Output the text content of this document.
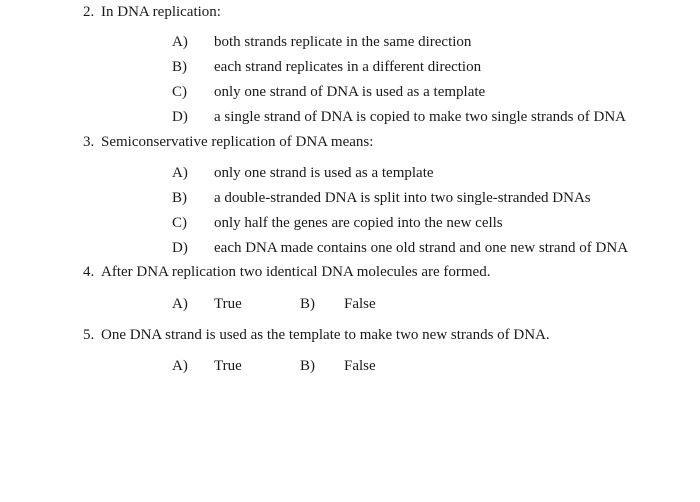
2. In DNA replication:
A) both strands replicate in the same direction
B) each strand replicates in a different direction
C) only one strand of DNA is used as a template
D) a single strand of DNA is copied to make two single strands of DNA
3. Semiconservative replication of DNA means:
A) only one strand is used as a template
B) a double-stranded DNA is split into two single-stranded DNAs
C) only half the genes are copied into the new cells
D) each DNA made contains one old strand and one new strand of DNA
4. After DNA replication two identical DNA molecules are formed.
A) True	B) False
5. One DNA strand is used as the template to make two new strands of DNA.
A) True	B) False
